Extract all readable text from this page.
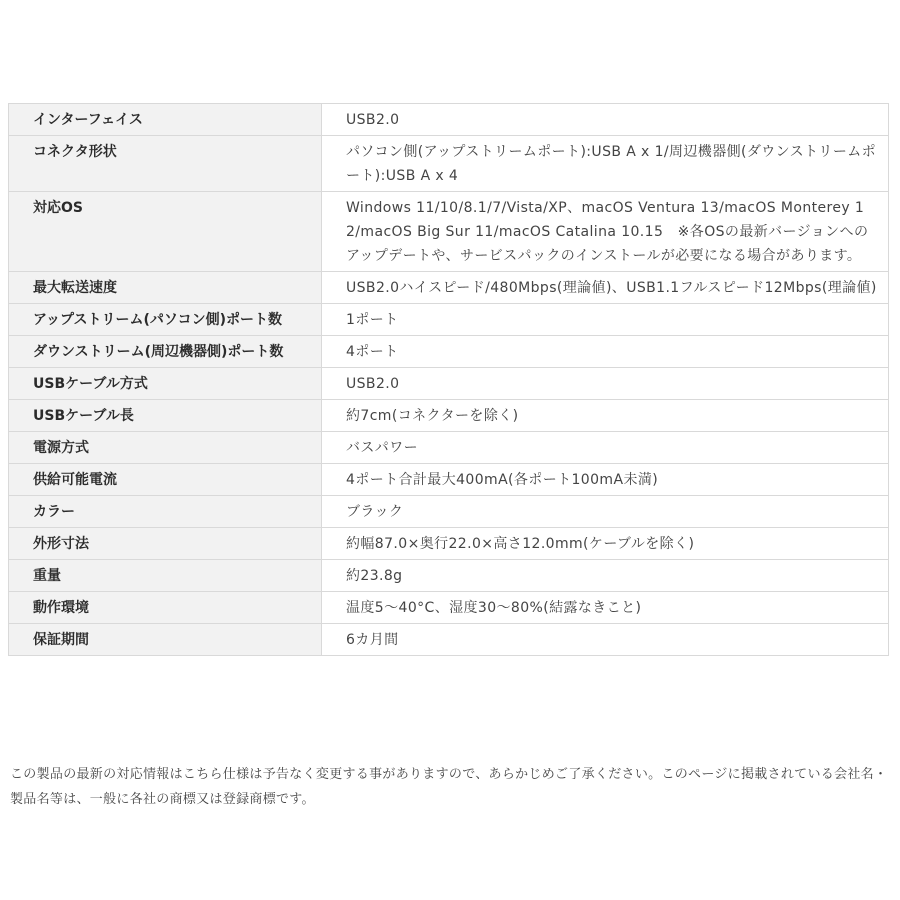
インターフェイス	USB2.0
コネクタ形状	パソコン側(アップストリームポート):USB A x 1/周辺機器側(ダウンストリームポート):USB A x 4
対応OS	Windows 11/10/8.1/7/Vista/XP、macOS Ventura 13/macOS Monterey 12/macOS Big Sur 11/macOS Catalina 10.15　※各OSの最新バージョンへのアップデートや、サービスパックのインストールが必要になる場合があります。
最大転送速度	USB2.0ハイスピード/480Mbps(理論値)、USB1.1フルスピード12Mbps(理論値)
アップストリーム(パソコン側)ポート数	1ポート
ダウンストリーム(周辺機器側)ポート数	4ポート
USBケーブル方式	USB2.0
USBケーブル長	約7cm(コネクターを除く)
電源方式	バスパワー
供給可能電流	4ポート合計最大400mA(各ポート100mA未満)
カラー	ブラック
外形寸法	約幅87.0×奥行22.0×高さ12.0mm(ケーブルを除く)
重量	約23.8g
動作環境	温度5〜40°C、湿度30〜80%(結露なきこと)
保証期間	6カ月間
この製品の最新の対応情報はこちら仕様は予告なく変更する事がありますので、あらかじめご了承ください。このページに掲載されている会社名・製品名等は、一般に各社の商標又は登録商標です。
